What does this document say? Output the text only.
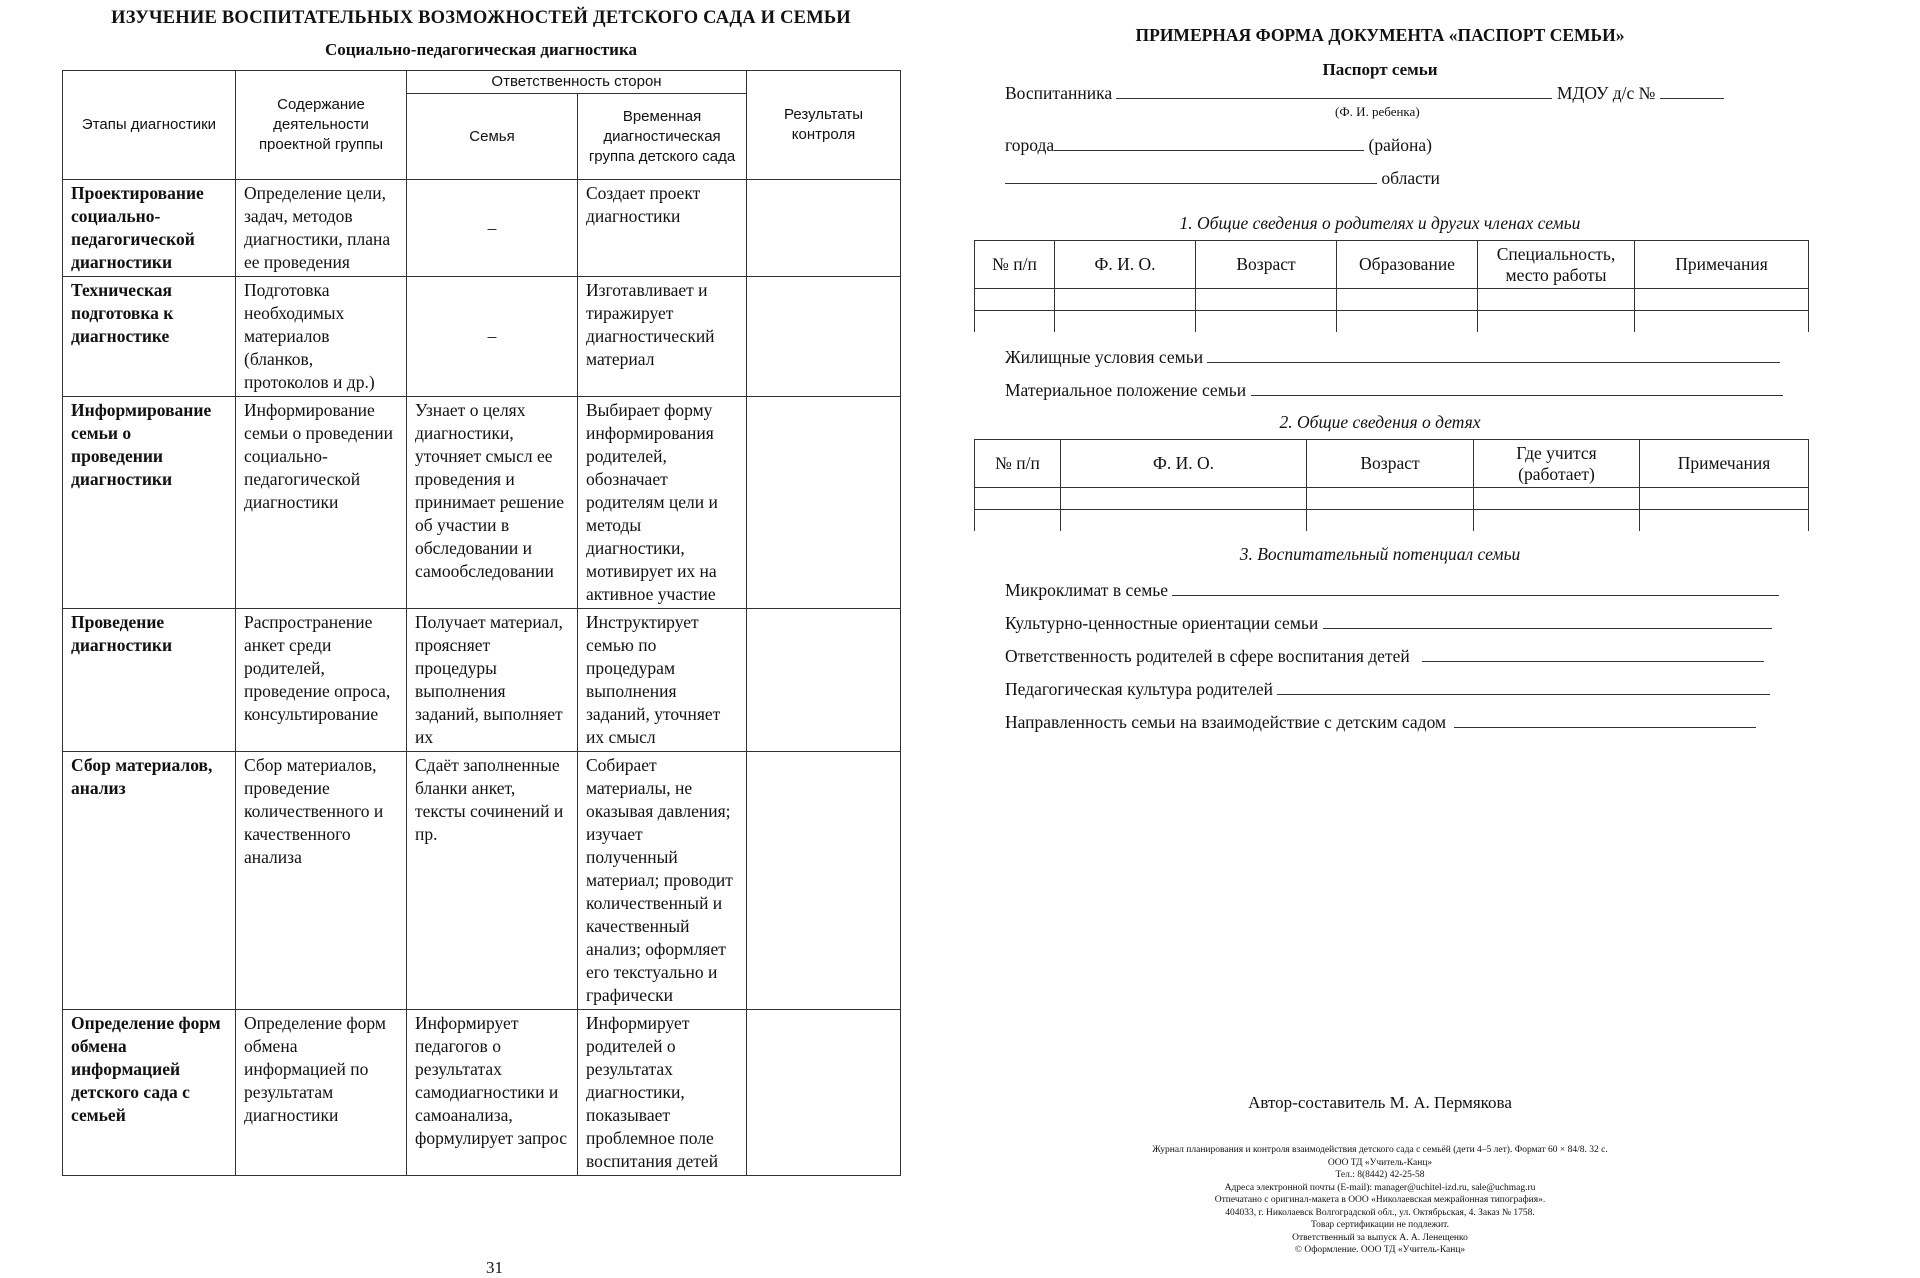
ИЗУЧЕНИЕ ВОСПИТАТЕЛЬНЫХ ВОЗМОЖНОСТЕЙ ДЕТСКОГО САДА И СЕМЬИ
Социально-педагогическая диагностика
Этапы диагностики	Содержание деятельности проектной группы	Ответственность сторон		Результаты контроля
		Семья	Временная диагностическая группа детского сада	
Проектирование социально-педагогической диагностики	Определение цели, задач, методов диагностики, плана ее проведения	–	Создает проект диагностики	
Техническая подготовка к диагностике	Подготовка необходимых материалов (бланков, протоколов и др.)	–	Изготавливает и тиражирует диагностический материал	
Информирование семьи о проведении диагностики	Информирование семьи о проведении социально-педагогической диагностики	Узнает о целях диагностики, уточняет смысл ее проведения и принимает решение об участии в обследовании и самообследовании	Выбирает форму информирования родителей, обозначает родителям цели и методы диагностики, мотивирует их на активное участие	
Проведение диагностики	Распространение анкет среди родителей, проведение опроса, консультирование	Получает материал, проясняет процедуры выполнения заданий, выполняет их	Инструктирует семью по процедурам выполнения заданий, уточняет их смысл	
Сбор материалов, анализ	Сбор материалов, проведение количественного и качественного анализа	Сдаёт заполненные бланки анкет, тексты сочинений и пр.	Собирает материалы, не оказывая давления; изучает полученный материал; проводит количественный и качественный анализ; оформляет его текстуально и графически	
Определение форм обмена информацией детского сада с семьей	Определение форм обмена информацией по результатам диагностики	Информирует педагогов о результатах самодиагностики и самоанализа, формулирует запрос	Информирует родителей о результатах диагностики, показывает проблемное поле воспитания детей	
31
ПРИМЕРНАЯ ФОРМА ДОКУМЕНТА «ПАСПОРТ СЕМЬИ»
Паспорт семьи
Воспитанника	МДОУ д/с №
(Ф. И. ребенка)
города	(района)
области
1. Общие сведения о родителях и других членах семьи
№ п/п	Ф. И. О.	Возраст	Образование	Специальность, место работы	Примечания

Жилищные условия семьи
Материальное положение семьи
2. Общие сведения о детях
№ п/п	Ф. И. О.	Возраст	Где учится (работает)	Примечания

3. Воспитательный потенциал семьи
Микроклимат в семье
Культурно-ценностные ориентации семьи
Ответственность родителей в сфере воспитания детей
Педагогическая культура родителей
Направленность семьи на взаимодействие с детским садом
Автор-составитель М. А. Пермякова
Журнал планирования и контроля взаимодействия детского сада с семьёй (дети 4–5 лет). Формат 60 × 84/8. 32 с.
ООО ТД «Учитель-Канц»
Тел.: 8(8442) 42-25-58
Адреса электронной почты (E-mail): manager@uchitel-izd.ru, sale@uchmag.ru
Отпечатано с оригинал-макета в ООО «Николаевская межрайонная типография».
404033, г. Николаевск Волгоградской обл., ул. Октябрьская, 4. Заказ № 1758.
Товар сертификации не подлежит.
Ответственный за выпуск А. А. Ленещенко
© Оформление. ООО ТД «Учитель-Канц»
